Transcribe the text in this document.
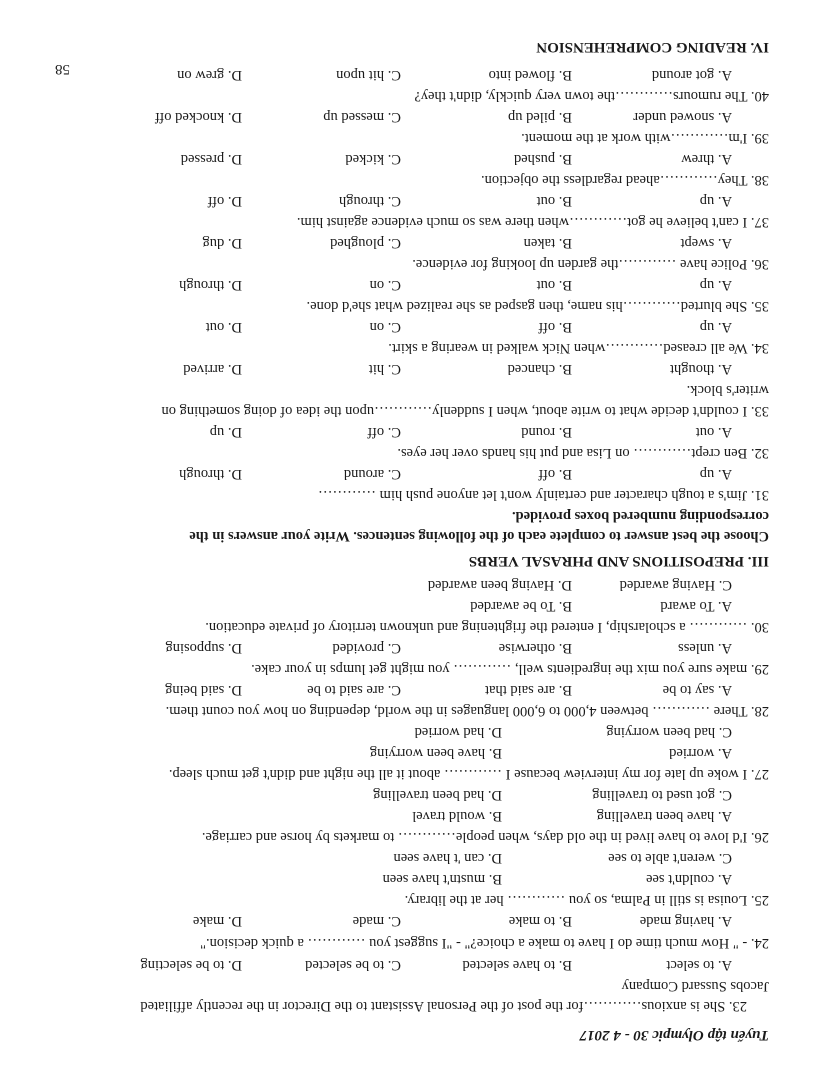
Tuyển tập Olympic 30 - 4 2017
23. She is anxious…………for the post of the Personal Assistant to the Director in the recently affiliated
Jacobs Sussard Company
A. to select
B. to have selected
C. to be selected
D. to be selecting
24. - " How much time do I have to make a choice?" - "I suggest you ………… a quick decision."
A. having made
B. to make
C. made
D. make
25. Louisa is still in Palma, so you ………… her at the library.
A. couldn't see
B. mustn't have seen
C. weren't able to see
D. can 't have seen
26. I'd love to have lived in the old days, when people………… to markets by horse and carriage.
A. have been travelling
B. would travel
C. got used to travelling
D. had been travelling
27. I woke up late for my interview because I ………… about it all the night and didn't get much sleep.
A. worried
B. have been worrying
C. had been worrying
D. had worried
28. There ………… between 4,000 to 6,000 languages in the world, depending on how you count them.
A. say to be
B. are said that
C. are said to be
D. said being
29. make sure you mix the ingredients well, ………… you might get lumps in your cake.
A. unless
B. otherwise
C. provided
D. supposing
30. ………… a scholarship, I entered the frightening and unknown territory of private education.
A. To award
B. To be awarded
C. Having awarded
D. Having been awarded
III. PREPOSITIONS AND PHRASAL VERBS
Choose the best answer to complete each of the following sentences. Write your answers in the
corresponding numbered boxes provided.
31. Jim's a tough character and certainly won't let anyone push him …………
A. up
B. off
C. around
D. through
32. Ben crept………… on Lisa and put his hands over her eyes.
A. out
B. round
C. off
D. up
33. I couldn't decide what to write about, when I suddenly…………upon the idea of doing something on
writer's block.
A. thought
B. chanced
C. hit
D. arrived
34. We all creased…………when Nick walked in wearing a skirt.
A. up
B. off
C. on
D. out
35. She blurted…………his name, then gasped as she realized what she'd done.
A. up
B. out
C. on
D. through
36. Police have …………the garden up looking for evidence.
A. swept
B. taken
C. ploughed
D. dug
37. I can't believe he got…………when there was so much evidence against him.
A. up
B. out
C. through
D. off
38. They…………ahead regardless the objection.
A. threw
B. pushed
C. kicked
D. pressed
39. I'm…………with work at the moment.
A. snowed under
B. piled up
C. messed up
D. knocked off
40. The rumours…………the town very quickly, didn't they?
A. got around
B. flowed into
C. hit upon
D. grew on
IV. READING COMPREHENSION
58
